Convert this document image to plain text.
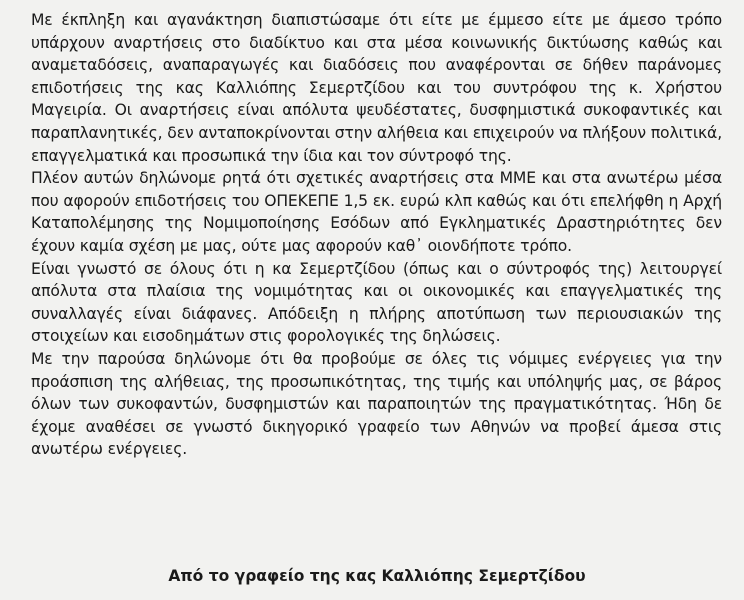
Με έκπληξη και αγανάκτηση διαπιστώσαμε ότι είτε με έμμεσο είτε με άμεσο τρόπο υπάρχουν αναρτήσεις στο διαδίκτυο και στα μέσα κοινωνικής δικτύωσης καθώς και αναμεταδόσεις, αναπαραγωγές και διαδόσεις που αναφέρονται σε δήθεν παράνομες επιδοτήσεις της κας Καλλιόπης Σεμερτζίδου και του συντρόφου της κ. Χρήστου Μαγειρία. Οι αναρτήσεις είναι απόλυτα ψευδέστατες, δυσφημιστικά συκοφαντικές και παραπλανητικές, δεν ανταποκρίνονται στην αλήθεια και επιχειρούν να πλήξουν πολιτικά, επαγγελματικά και προσωπικά την ίδια και τον σύντροφό της.

Πλέον αυτών δηλώνομε ρητά ότι σχετικές αναρτήσεις στα ΜΜΕ και στα ανωτέρω μέσα που αφορούν επιδοτήσεις του ΟΠΕΚΕΠΕ 1,5 εκ. ευρώ κλπ καθώς και ότι επελήφθη η Αρχή Καταπολέμησης της Νομιμοποίησης Εσόδων από Εγκληματικές Δραστηριότητες δεν έχουν καμία σχέση με μας, ούτε μας αφορούν καθ᾽ οιονδήποτε τρόπο.

Είναι γνωστό σε όλους ότι η κα Σεμερτζίδου (όπως και ο σύντροφός της) λειτουργεί απόλυτα στα πλαίσια της νομιμότητας και οι οικονομικές και επαγγελματικές της συναλλαγές είναι διάφανες. Απόδειξη η πλήρης αποτύπωση των περιουσιακών της στοιχείων και εισοδημάτων στις φορολογικές της δηλώσεις.

Με την παρούσα δηλώνομε ότι θα προβούμε σε όλες τις νόμιμες ενέργειες για την προάσπιση της αλήθειας, της προσωπικότητας, της τιμής και υπόληψής μας, σε βάρος όλων των συκοφαντών, δυσφημιστών και παραποιητών της πραγματικότητας. Ήδη δε έχομε αναθέσει σε γνωστό δικηγορικό γραφείο των Αθηνών να προβεί άμεσα στις ανωτέρω ενέργειες.

Από το γραφείο της κας Καλλιόπης Σεμερτζίδου
